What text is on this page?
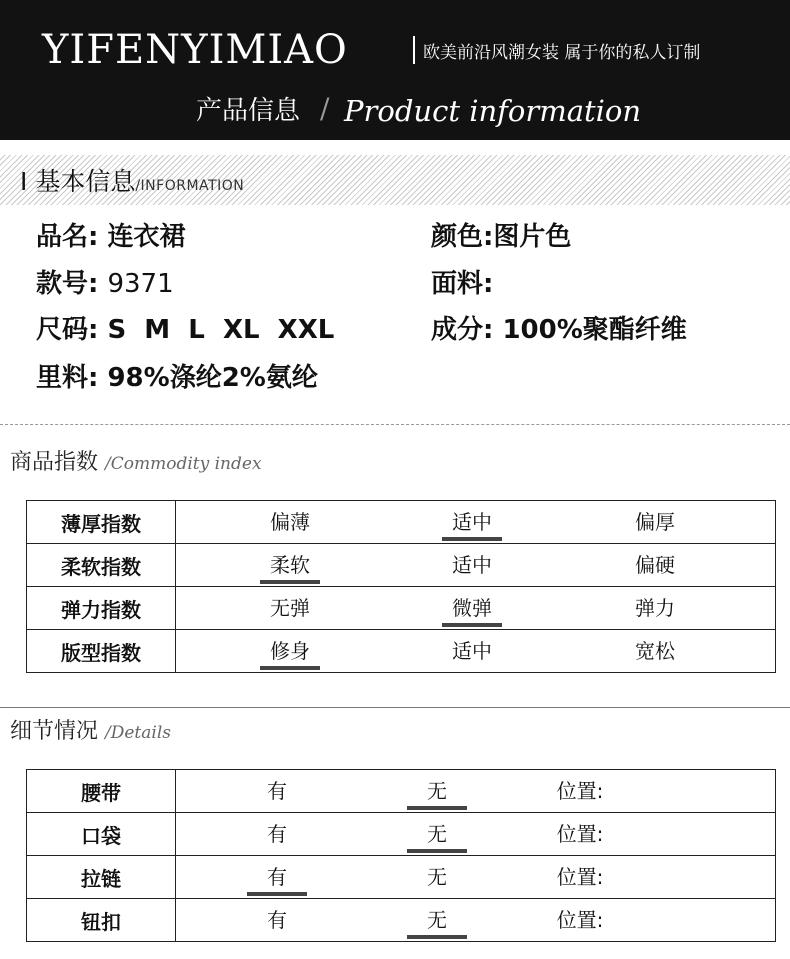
YIFENYIMIAO	欧美前沿风潮女装 属于你的私人订制
产品信息 / Product information
I 基本信息/INFORMATION
品名: 连衣裙	颜色:图片色
款号: 9371	面料:
尺码: S  M  L  XL  XXL	成分: 100%聚酯纤维
里料: 98%涤纶2%氨纶
商品指数 /Commodity index
薄厚指数	偏薄 适中 偏厚

柔软指数	柔软 适中 偏硬

弹力指数	无弹 微弹 弹力

版型指数	修身 适中 宽松
细节情况 /Details
腰带	有 无 位置:

口袋	有 无 位置:

拉链	有 无 位置:

钮扣	有 无 位置:
